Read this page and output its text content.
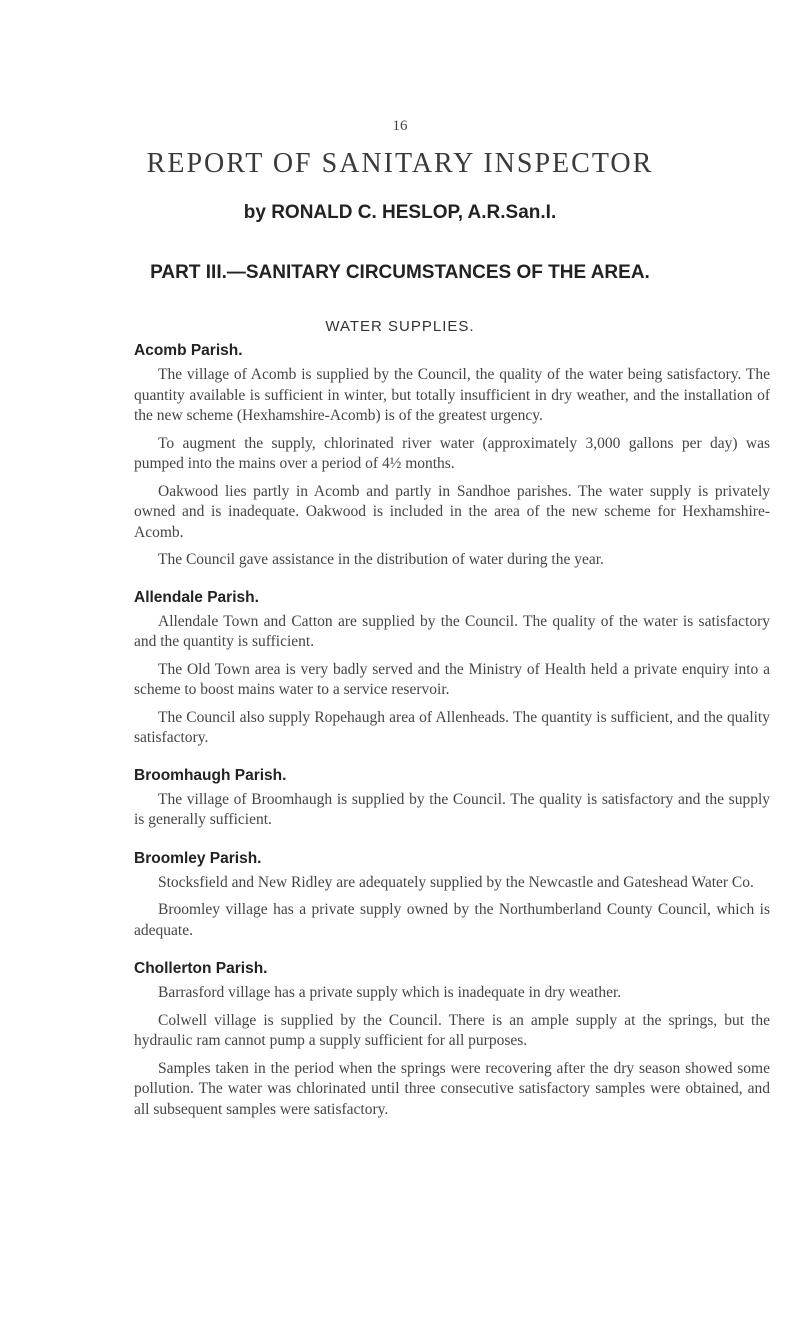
16
REPORT OF SANITARY INSPECTOR
by RONALD C. HESLOP, A.R.San.I.
PART III.—SANITARY CIRCUMSTANCES OF THE AREA.
WATER SUPPLIES.
Acomb Parish.

The village of Acomb is supplied by the Council, the quality of the water being satisfactory. The quantity available is sufficient in winter, but totally insufficient in dry weather, and the installation of the new scheme (Hexhamshire-Acomb) is of the greatest urgency.

To augment the supply, chlorinated river water (approximately 3,000 gallons per day) was pumped into the mains over a period of 4½ months.

Oakwood lies partly in Acomb and partly in Sandhoe parishes. The water supply is privately owned and is inadequate. Oakwood is included in the area of the new scheme for Hexhamshire-Acomb.

The Council gave assistance in the distribution of water during the year.

Allendale Parish.

Allendale Town and Catton are supplied by the Council. The quality of the water is satisfactory and the quantity is sufficient.

The Old Town area is very badly served and the Ministry of Health held a private enquiry into a scheme to boost mains water to a service reservoir.

The Council also supply Ropehaugh area of Allenheads. The quantity is sufficient, and the quality satisfactory.

Broomhaugh Parish.

The village of Broomhaugh is supplied by the Council. The quality is satisfactory and the supply is generally sufficient.

Broomley Parish.

Stocksfield and New Ridley are adequately supplied by the Newcastle and Gateshead Water Co.

Broomley village has a private supply owned by the Northumberland County Council, which is adequate.

Chollerton Parish.

Barrasford village has a private supply which is inadequate in dry weather.

Colwell village is supplied by the Council. There is an ample supply at the springs, but the hydraulic ram cannot pump a supply sufficient for all purposes.

Samples taken in the period when the springs were recovering after the dry season showed some pollution. The water was chlorinated until three consecutive satisfactory samples were obtained, and all subsequent samples were satisfactory.
